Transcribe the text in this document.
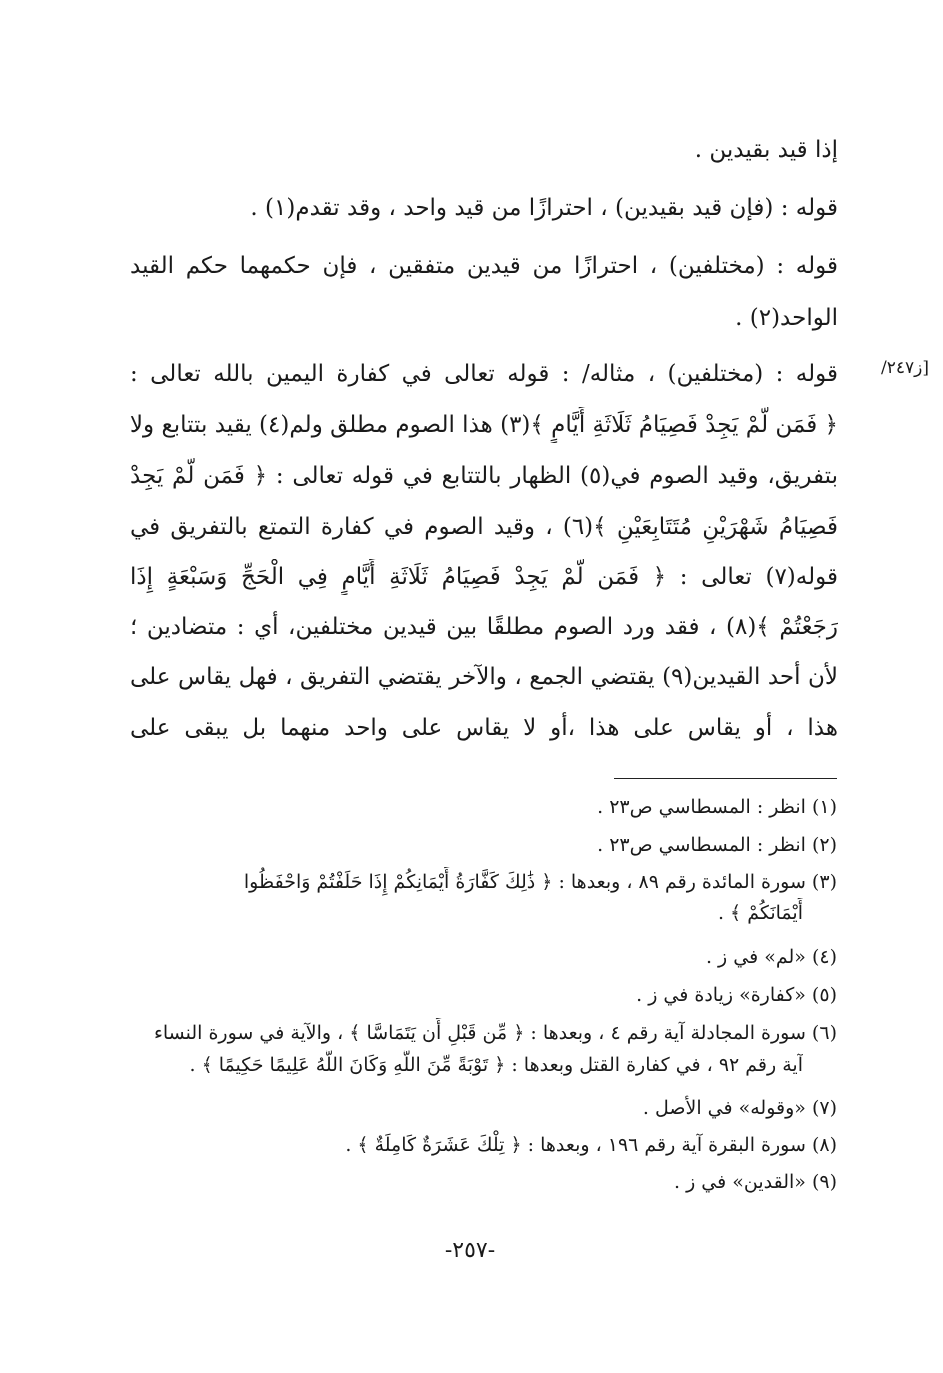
إذا قيد بقيدين .
قوله : (فإن قيد بقيدين) ، احترازًا من قيد واحد ، وقد تقدم(١) .
قوله : (مختلفين) ، احترازًا من قيدين متفقين ، فإن حكمهما حكم القيد
الواحد(٢) .
قوله : (مختلفين) ، مثاله/ : قوله تعالى في كفارة اليمين بالله تعالى :
﴿ فَمَن لَّمْ يَجِدْ فَصِيَامُ ثَلَاثَةِ أَيَّامٍ ﴾(٣) هذا الصوم مطلق ولم(٤) يقيد بتتابع ولا
بتفريق، وقيد الصوم في(٥) الظهار بالتتابع في قوله تعالى : ﴿ فَمَن لَّمْ يَجِدْ
فَصِيَامُ شَهْرَيْنِ مُتَتَابِعَيْنِ ﴾(٦) ، وقيد الصوم في كفارة التمتع بالتفريق في
قوله(٧) تعالى : ﴿ فَمَن لَّمْ يَجِدْ فَصِيَامُ ثَلَاثَةِ أَيَّامٍ فِي الْحَجِّ وَسَبْعَةٍ إِذَا
رَجَعْتُمْ ﴾(٨) ، فقد ورد الصوم مطلقًا بين قيدين مختلفين، أي : متضادين ؛
لأن أحد القيدين(٩) يقتضي الجمع ، والآخر يقتضي التفريق ، فهل يقاس على
هذا ، أو يقاس على هذا ،أو لا يقاس على واحد منهما بل يبقى على
[ز٢٤٧/
(١) انظر : المسطاسي ص٢٣ .
(٢) انظر : المسطاسي ص٢٣ .
(٣) سورة المائدة رقم ٨٩ ، وبعدها : ﴿ ذَٰلِكَ كَفَّارَةُ أَيْمَانِكُمْ إِذَا حَلَفْتُمْ وَاحْفَظُوا
أَيْمَانَكُمْ ﴾ .
(٤) «لم» في ز .
(٥) «كفارة» زيادة في ز .
(٦) سورة المجادلة آية رقم ٤ ، وبعدها : ﴿ مِّن قَبْلِ أَن يَتَمَاسَّا ﴾ ، والآية في سورة النساء
آية رقم ٩٢ ، في كفارة القتل وبعدها : ﴿ تَوْبَةً مِّنَ اللَّهِ وَكَانَ اللَّهُ عَلِيمًا حَكِيمًا ﴾ .
(٧) «وقوله» في الأصل .
(٨) سورة البقرة آية رقم ١٩٦ ، وبعدها : ﴿ تِلْكَ عَشَرَةٌ كَامِلَةٌ ﴾ .
(٩) «القدين» في ز .
-٢٥٧-
